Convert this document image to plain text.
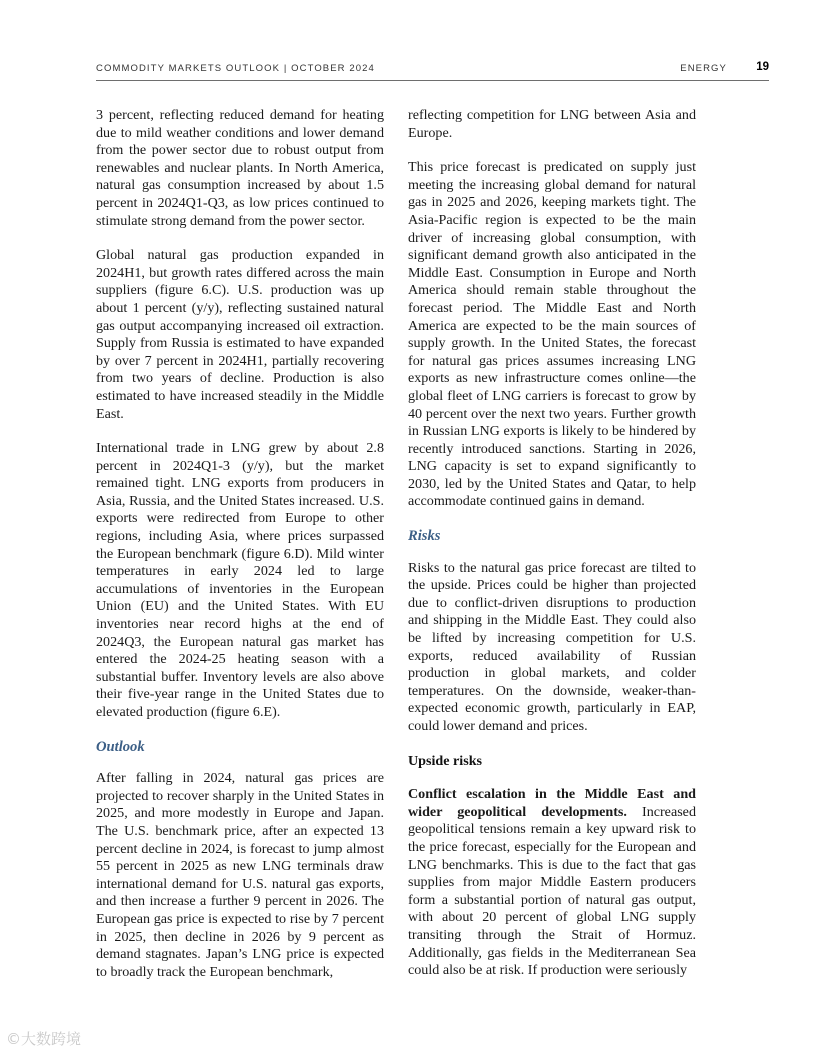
COMMODITY MARKETS OUTLOOK | OCTOBER 2024	ENERGY	19

3 percent, reflecting reduced demand for heating due to mild weather conditions and lower demand from the power sector due to robust output from renewables and nuclear plants. In North America, natural gas consumption increased by about 1.5 percent in 2024Q1-Q3, as low prices continued to stimulate strong demand from the power sector.

Global natural gas production expanded in 2024H1, but growth rates differed across the main suppliers (figure 6.C). U.S. production was up about 1 percent (y/y), reflecting sustained natural gas output accompanying increased oil extraction. Supply from Russia is estimated to have expanded by over 7 percent in 2024H1, partially recovering from two years of decline. Production is also estimated to have increased steadily in the Middle East.

International trade in LNG grew by about 2.8 percent in 2024Q1-3 (y/y), but the market remained tight. LNG exports from producers in Asia, Russia, and the United States increased. U.S. exports were redirected from Europe to other regions, including Asia, where prices surpassed the European benchmark (figure 6.D). Mild winter temperatures in early 2024 led to large accumulations of inventories in the European Union (EU) and the United States. With EU inventories near record highs at the end of 2024Q3, the European natural gas market has entered the 2024-25 heating season with a substantial buffer. Inventory levels are also above their five-year range in the United States due to elevated production (figure 6.E).

Outlook

After falling in 2024, natural gas prices are projected to recover sharply in the United States in 2025, and more modestly in Europe and Japan. The U.S. benchmark price, after an expected 13 percent decline in 2024, is forecast to jump almost 55 percent in 2025 as new LNG terminals draw international demand for U.S. natural gas exports, and then increase a further 9 percent in 2026. The European gas price is expected to rise by 7 percent in 2025, then decline in 2026 by 9 percent as demand stagnates. Japan’s LNG price is expected to broadly track the European benchmark,

reflecting competition for LNG between Asia and Europe.

This price forecast is predicated on supply just meeting the increasing global demand for natural gas in 2025 and 2026, keeping markets tight. The Asia-Pacific region is expected to be the main driver of increasing global consumption, with significant demand growth also anticipated in the Middle East. Consumption in Europe and North America should remain stable throughout the forecast period. The Middle East and North America are expected to be the main sources of supply growth. In the United States, the forecast for natural gas prices assumes increasing LNG exports as new infrastructure comes online—the global fleet of LNG carriers is forecast to grow by 40 percent over the next two years. Further growth in Russian LNG exports is likely to be hindered by recently introduced sanctions. Starting in 2026, LNG capacity is set to expand significantly to 2030, led by the United States and Qatar, to help accommodate continued gains in demand.

Risks

Risks to the natural gas price forecast are tilted to the upside. Prices could be higher than projected due to conflict-driven disruptions to production and shipping in the Middle East. They could also be lifted by increasing competition for U.S. exports, reduced availability of Russian production in global markets, and colder temperatures. On the downside, weaker-than-expected economic growth, particularly in EAP, could lower demand and prices.

Upside risks

Conflict escalation in the Middle East and wider geopolitical developments. Increased geopolitical tensions remain a key upward risk to the price forecast, especially for the European and LNG benchmarks. This is due to the fact that gas supplies from major Middle Eastern producers form a substantial portion of natural gas output, with about 20 percent of global LNG supply transiting through the Strait of Hormuz. Additionally, gas fields in the Mediterranean Sea could also be at risk. If production were seriously

©大数跨境
